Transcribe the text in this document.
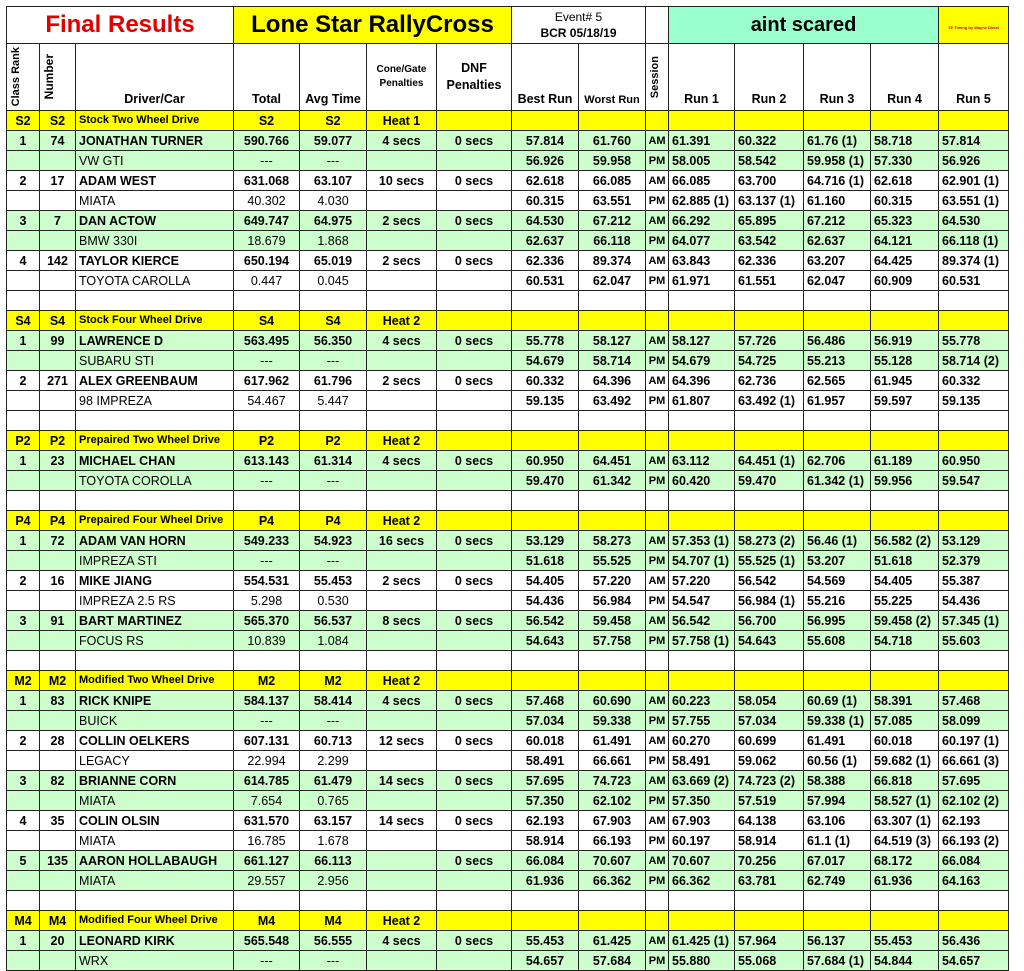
Final Results			Lone Star RallyCross				Event# 5
BCR 05/18/19			aint scared				TE Timing by Wayne Dietel

Class Rank	Number	Driver/Car	Total	Avg Time	Cone/Gate Penalties	DNF Penalties	Best Run	Worst Run	Session	Run 1	Run 2	Run 3	Run 4	Run 5
S2	S2	Stock Two Wheel Drive	S2	S2	Heat 1									
1	74	JONATHAN TURNER	590.766	59.077	4 secs	0 secs	57.814	61.760	AM	61.391	60.322	61.76 (1)	58.718	57.814
		VW GTI	---	---			56.926	59.958	PM	58.005	58.542	59.958 (1)	57.330	56.926
2	17	ADAM WEST	631.068	63.107	10 secs	0 secs	62.618	66.085	AM	66.085	63.700	64.716 (1)	62.618	62.901 (1)
		MIATA	40.302	4.030			60.315	63.551	PM	62.885 (1)	63.137 (1)	61.160	60.315	63.551 (1)
3	7	DAN ACTOW	649.747	64.975	2 secs	0 secs	64.530	67.212	AM	66.292	65.895	67.212	65.323	64.530
		BMW 330I	18.679	1.868			62.637	66.118	PM	64.077	63.542	62.637	64.121	66.118 (1)
4	142	TAYLOR KIERCE	650.194	65.019	2 secs	0 secs	62.336	89.374	AM	63.843	62.336	63.207	64.425	89.374 (1)
		TOYOTA CAROLLA	0.447	0.045			60.531	62.047	PM	61.971	61.551	62.047	60.909	60.531

S4	S4	Stock Four Wheel Drive	S4	S4	Heat 2									
1	99	LAWRENCE D	563.495	56.350	4 secs	0 secs	55.778	58.127	AM	58.127	57.726	56.486	56.919	55.778
		SUBARU STI	---	---			54.679	58.714	PM	54.679	54.725	55.213	55.128	58.714 (2)
2	271	ALEX GREENBAUM	617.962	61.796	2 secs	0 secs	60.332	64.396	AM	64.396	62.736	62.565	61.945	60.332
		98 IMPREZA	54.467	5.447			59.135	63.492	PM	61.807	63.492 (1)	61.957	59.597	59.135

P2	P2	Prepaired Two Wheel Drive	P2	P2	Heat 2									
1	23	MICHAEL CHAN	613.143	61.314	4 secs	0 secs	60.950	64.451	AM	63.112	64.451 (1)	62.706	61.189	60.950
		TOYOTA COROLLA	---	---			59.470	61.342	PM	60.420	59.470	61.342 (1)	59.956	59.547

P4	P4	Prepaired Four Wheel Drive	P4	P4	Heat 2									
1	72	ADAM VAN HORN	549.233	54.923	16 secs	0 secs	53.129	58.273	AM	57.353 (1)	58.273 (2)	56.46 (1)	56.582 (2)	53.129
		IMPREZA STI	---	---			51.618	55.525	PM	54.707 (1)	55.525 (1)	53.207	51.618	52.379
2	16	MIKE JIANG	554.531	55.453	2 secs	0 secs	54.405	57.220	AM	57.220	56.542	54.569	54.405	55.387
		IMPREZA 2.5 RS	5.298	0.530			54.436	56.984	PM	54.547	56.984 (1)	55.216	55.225	54.436
3	91	BART MARTINEZ	565.370	56.537	8 secs	0 secs	56.542	59.458	AM	56.542	56.700	56.995	59.458 (2)	57.345 (1)
		FOCUS RS	10.839	1.084			54.643	57.758	PM	57.758 (1)	54.643	55.608	54.718	55.603

M2	M2	Modified Two Wheel Drive	M2	M2	Heat 2									
1	83	RICK KNIPE	584.137	58.414	4 secs	0 secs	57.468	60.690	AM	60.223	58.054	60.69 (1)	58.391	57.468
		BUICK	---	---			57.034	59.338	PM	57.755	57.034	59.338 (1)	57.085	58.099
2	28	COLLIN OELKERS	607.131	60.713	12 secs	0 secs	60.018	61.491	AM	60.270	60.699	61.491	60.018	60.197 (1)
		LEGACY	22.994	2.299			58.491	66.661	PM	58.491	59.062	60.56 (1)	59.682 (1)	66.661 (3)
3	82	BRIANNE CORN	614.785	61.479	14 secs	0 secs	57.695	74.723	AM	63.669 (2)	74.723 (2)	58.388	66.818	57.695
		MIATA	7.654	0.765			57.350	62.102	PM	57.350	57.519	57.994	58.527 (1)	62.102 (2)
4	35	COLIN OLSIN	631.570	63.157	14 secs	0 secs	62.193	67.903	AM	67.903	64.138	63.106	63.307 (1)	62.193
		MIATA	16.785	1.678			58.914	66.193	PM	60.197	58.914	61.1 (1)	64.519 (3)	66.193 (2)
5	135	AARON HOLLABAUGH	661.127	66.113		0 secs	66.084	70.607	AM	70.607	70.256	67.017	68.172	66.084
		MIATA	29.557	2.956			61.936	66.362	PM	66.362	63.781	62.749	61.936	64.163

M4	M4	Modified Four Wheel Drive	M4	M4	Heat 2									
1	20	LEONARD KIRK	565.548	56.555	4 secs	0 secs	55.453	61.425	AM	61.425 (1)	57.964	56.137	55.453	56.436
		WRX	---	---			54.657	57.684	PM	55.880	55.068	57.684 (1)	54.844	54.657
